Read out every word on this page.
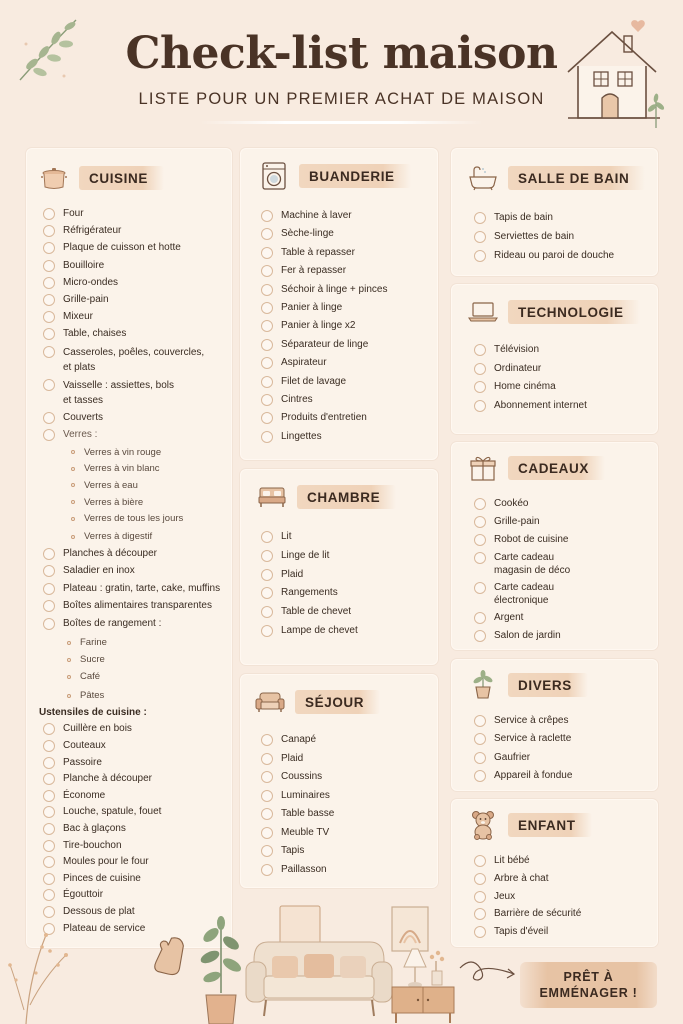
Check-list maison
LISTE POUR UN PREMIER ACHAT DE MAISON
CUISINE
Four
Réfrigérateur
Plaque de cuisson et hotte
Bouilloire
Micro-ondes
Grille-pain
Mixeur
Table, chaises
Casseroles, poêles, couvercles,
et plats
Vaisselle : assiettes, bols
et tasses
Couverts
Verres :
Verres à vin rouge
Verres à vin blanc
Verres à eau
Verres à bière
Verres de tous les jours
Verres à digestif
Planches à découper
Saladier en inox
Plateau : gratin, tarte, cake, muffins
Boîtes alimentaires transparentes
Boîtes de rangement :
Farine
Sucre
Café
Pâtes
Ustensiles de cuisine :
Cuillère en bois
Couteaux
Passoire
Planche à découper
Économe
Louche, spatule, fouet
Bac à glaçons
Tire-bouchon
Moules pour le four
Pinces de cuisine
Égouttoir
Dessous de plat
Plateau de service
BUANDERIE
Machine à laver
Sèche-linge
Table à repasser
Fer à repasser
Séchoir à linge + pinces
Panier à linge
Panier à linge x2
Séparateur de linge
Aspirateur
Filet de lavage
Cintres
Produits d'entretien
Lingettes
CHAMBRE
Lit
Linge de lit
Plaid
Rangements
Table de chevet
Lampe de chevet
SÉJOUR
Canapé
Plaid
Coussins
Luminaires
Table basse
Meuble TV
Tapis
Paillasson
SALLE DE BAIN
Tapis de bain
Serviettes de bain
Rideau ou paroi de douche
TECHNOLOGIE
Télévision
Ordinateur
Home cinéma
Abonnement internet
CADEAUX
Cookéo
Grille-pain
Robot de cuisine
Carte cadeau
magasin de déco
Carte cadeau
électronique
Argent
Salon de jardin
DIVERS
Service à crêpes
Service à raclette
Gaufrier
Appareil à fondue
ENFANT
Lit bébé
Arbre à chat
Jeux
Barrière de sécurité
Tapis d'éveil
PRÊT À
EMMÉNAGER !
